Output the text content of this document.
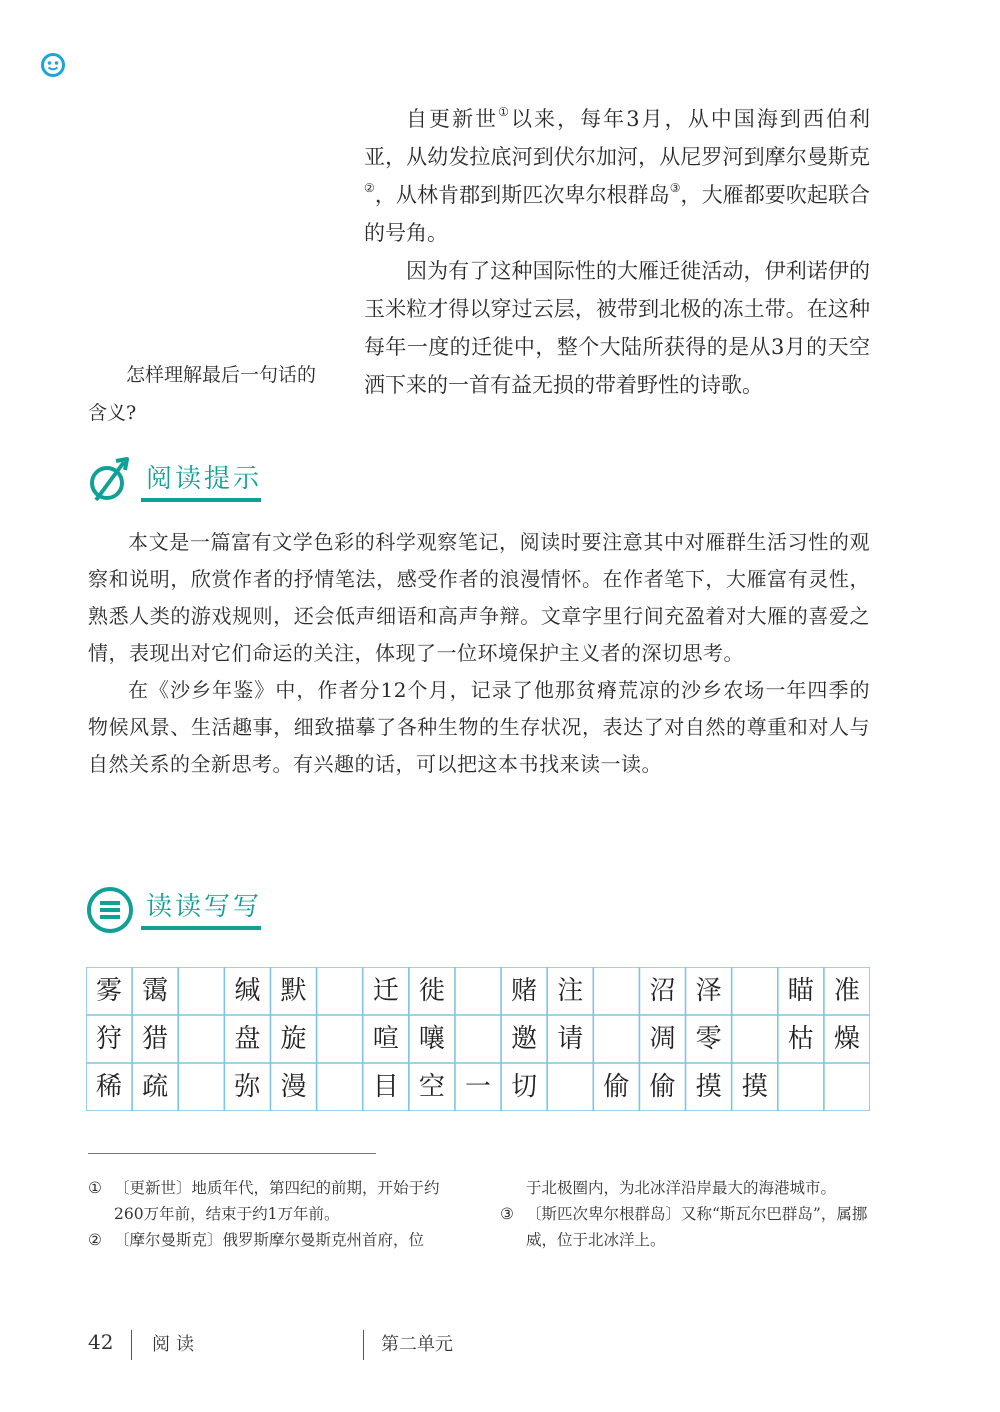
自更新世①以来，每年3月，从中国海到西伯利亚，从幼发拉底河到伏尔加河，从尼罗河到摩尔曼斯克②，从林肯郡到斯匹次卑尔根群岛③，大雁都要吹起联合的号角。

因为有了这种国际性的大雁迁徙活动，伊利诺伊的玉米粒才得以穿过云层，被带到北极的冻土带。在这种每年一度的迁徙中，整个大陆所获得的是从3月的天空洒下来的一首有益无损的带着野性的诗歌。

怎样理解最后一句话的含义?

阅读提示

本文是一篇富有文学色彩的科学观察笔记，阅读时要注意其中对雁群生活习性的观察和说明，欣赏作者的抒情笔法，感受作者的浪漫情怀。在作者笔下，大雁富有灵性，熟悉人类的游戏规则，还会低声细语和高声争辩。文章字里行间充盈着对大雁的喜爱之情，表现出对它们命运的关注，体现了一位环境保护主义者的深切思考。

在《沙乡年鉴》中，作者分12个月，记录了他那贫瘠荒凉的沙乡农场一年四季的物候风景、生活趣事，细致描摹了各种生物的生存状况，表达了对自然的尊重和对人与自然关系的全新思考。有兴趣的话，可以把这本书找来读一读。

读读写写
雾 霭	缄 默	迁 徙	赌 注	沼 泽	瞄 准
狩 猎	盘 旋	喧 嚷	邀 请	凋 零	枯 燥
稀 疏	弥 漫	目 空 一 切	偷 偷 摸 摸
① 〔更新世〕地质年代，第四纪的前期，开始于约260万年前，结束于约1万年前。
② 〔摩尔曼斯克〕俄罗斯摩尔曼斯克州首府，位
于北极圈内，为北冰洋沿岸最大的海港城市。
③ 〔斯匹次卑尔根群岛〕又称“斯瓦尔巴群岛”，属挪威，位于北冰洋上。
42 阅读	第二单元
